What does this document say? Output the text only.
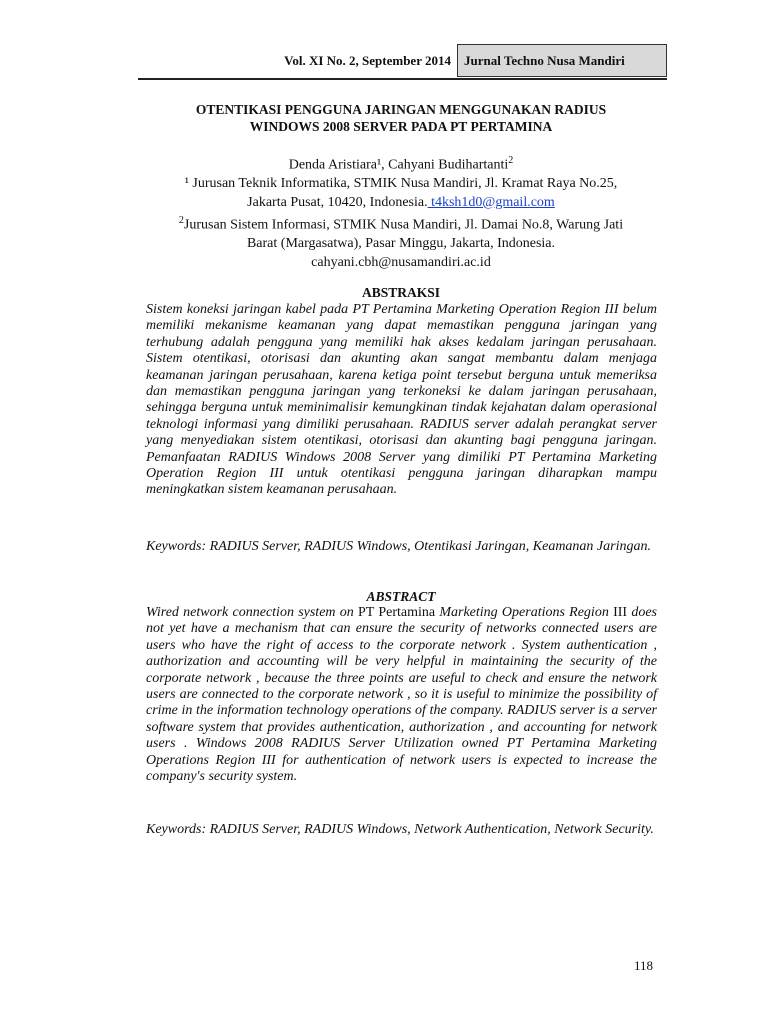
Vol. XI No. 2, September 2014	Jurnal Techno Nusa Mandiri
OTENTIKASI PENGGUNA JARINGAN MENGGUNAKAN RADIUS
WINDOWS 2008 SERVER PADA PT PERTAMINA
Denda Aristiara¹, Cahyani Budihartanti$^2$
¹ Jurusan Teknik Informatika, STMIK Nusa Mandiri, Jl. Kramat Raya No.25,
Jakarta Pusat, 10420, Indonesia. t4ksh1d0@gmail.com
$^2$Jurusan Sistem Informasi, STMIK Nusa Mandiri, Jl. Damai No.8, Warung Jati
Barat (Margasatwa), Pasar Minggu, Jakarta, Indonesia.
cahyani.cbh@nusamandiri.ac.id
ABSTRAKSI
Sistem koneksi jaringan kabel pada PT Pertamina Marketing Operation Region III belum memiliki mekanisme keamanan yang dapat memastikan pengguna jaringan yang terhubung adalah pengguna yang memiliki hak akses kedalam jaringan perusahaan. Sistem otentikasi, otorisasi dan akunting akan sangat membantu dalam menjaga keamanan jaringan perusahaan, karena ketiga point tersebut berguna untuk memeriksa dan memastikan pengguna jaringan yang terkoneksi ke dalam jaringan perusahaan, sehingga berguna untuk meminimalisir kemungkinan tindak kejahatan dalam operasional teknologi informasi yang dimiliki perusahaan. RADIUS server adalah perangkat server yang menyediakan sistem otentikasi, otorisasi dan akunting bagi pengguna jaringan. Pemanfaatan RADIUS Windows 2008 Server yang dimiliki PT Pertamina Marketing Operation Region III untuk otentikasi pengguna jaringan diharapkan mampu meningkatkan sistem keamanan perusahaan.
Keywords: RADIUS Server, RADIUS Windows, Otentikasi Jaringan, Keamanan Jaringan.
ABSTRACT
Wired network connection system on PT Pertamina Marketing Operations Region III does not yet have a mechanism that can ensure the security of networks connected users are users who have the right of access to the corporate network . System authentication , authorization and accounting will be very helpful in maintaining the security of the corporate network , because the three points are useful to check and ensure the network users are connected to the corporate network , so it is useful to minimize the possibility of crime in the information technology operations of the company. RADIUS server is a server software system that provides authentication, authorization , and accounting for network users . Windows 2008 RADIUS Server Utilization owned PT Pertamina Marketing Operations Region III for authentication of network users is expected to increase the company's security system.
Keywords: RADIUS Server, RADIUS Windows, Network Authentication, Network Security.
118
